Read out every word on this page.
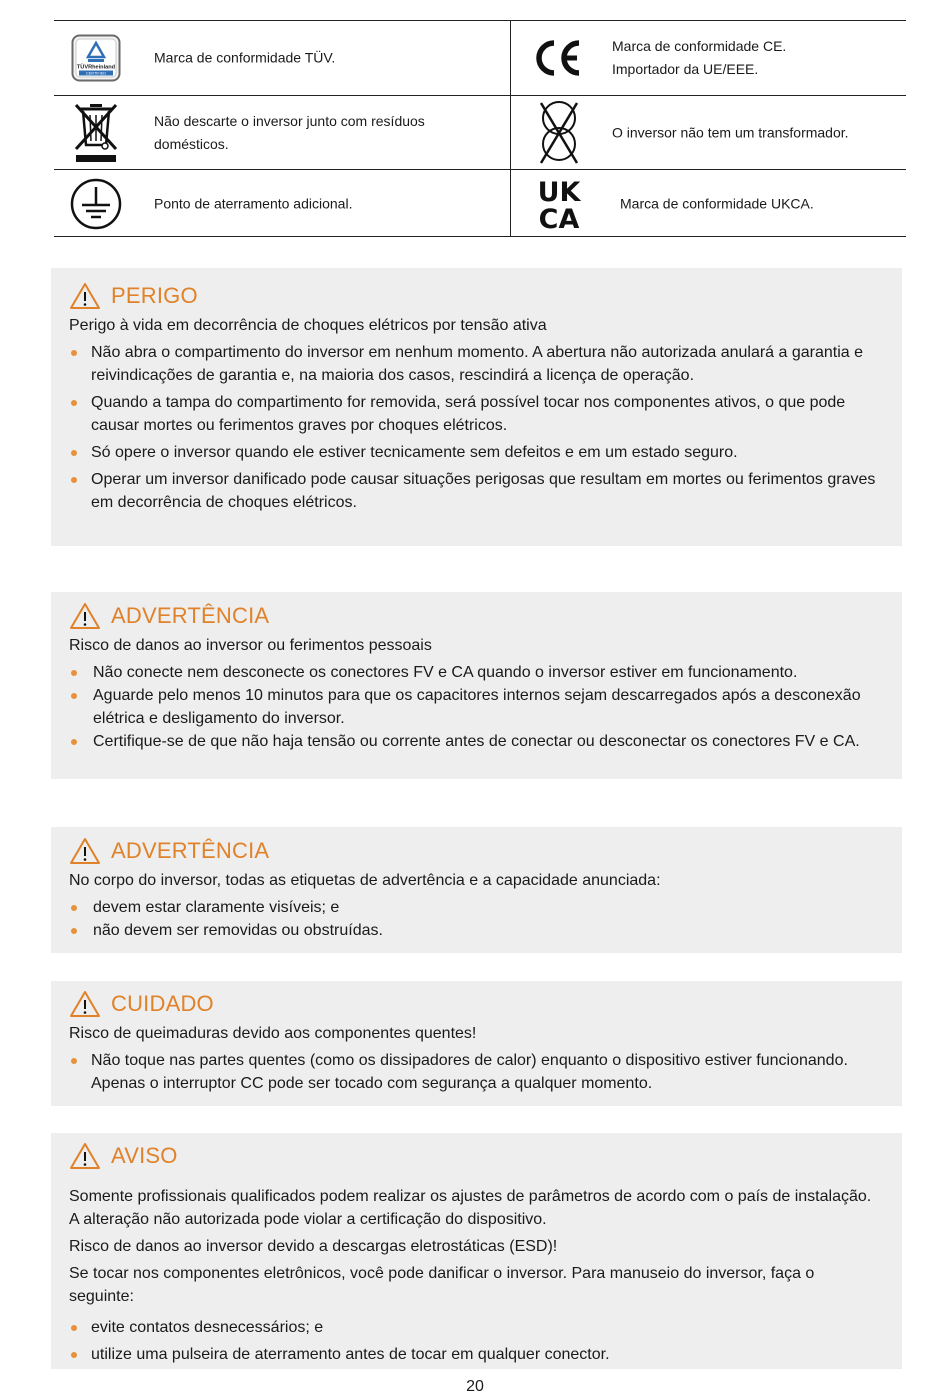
TÜVRheinland
CERTIFIED
Marca de conformidade TÜV.
CE	Marca de conformidade CE.
Importador da UE/EEE.
Não descarte o inversor junto com resíduos
domésticos.
O inversor não tem um transformador.
Ponto de aterramento adicional.	UK
CA
Marca de conformidade UKCA.
PERIGO

Perigo à vida em decorrência de choques elétricos por tensão ativa

Não abra o compartimento do inversor em nenhum momento. A abertura não autorizada anulará a garantia e reivindicações de garantia e, na maioria dos casos, rescindirá a licença de operação.
Quando a tampa do compartimento for removida, será possível tocar nos componentes ativos, o que pode causar mortes ou ferimentos graves por choques elétricos.
Só opere o inversor quando ele estiver tecnicamente sem defeitos e em um estado seguro.
Operar um inversor danificado pode causar situações perigosas que resultam em mortes ou ferimentos graves em decorrência de choques elétricos.
ADVERTÊNCIA

Risco de danos ao inversor ou ferimentos pessoais

Não conecte nem desconecte os conectores FV e CA quando o inversor estiver em funcionamento.
Aguarde pelo menos 10 minutos para que os capacitores internos sejam descarregados após a desconexão elétrica e desligamento do inversor.
Certifique-se de que não haja tensão ou corrente antes de conectar ou desconectar os conectores FV e CA.
ADVERTÊNCIA

No corpo do inversor, todas as etiquetas de advertência e a capacidade anunciada:

devem estar claramente visíveis; e
não devem ser removidas ou obstruídas.
CUIDADO

Risco de queimaduras devido aos componentes quentes!

Não toque nas partes quentes (como os dissipadores de calor) enquanto o dispositivo estiver funcionando. Apenas o interruptor CC pode ser tocado com segurança a qualquer momento.
AVISO

Somente profissionais qualificados podem realizar os ajustes de parâmetros de acordo com o país de instalação. A alteração não autorizada pode violar a certificação do dispositivo.

Risco de danos ao inversor devido a descargas eletrostáticas (ESD)!

Se tocar nos componentes eletrônicos, você pode danificar o inversor. Para manuseio do inversor, faça o seguinte:

evite contatos desnecessários; e
utilize uma pulseira de aterramento antes de tocar em qualquer conector.
20
